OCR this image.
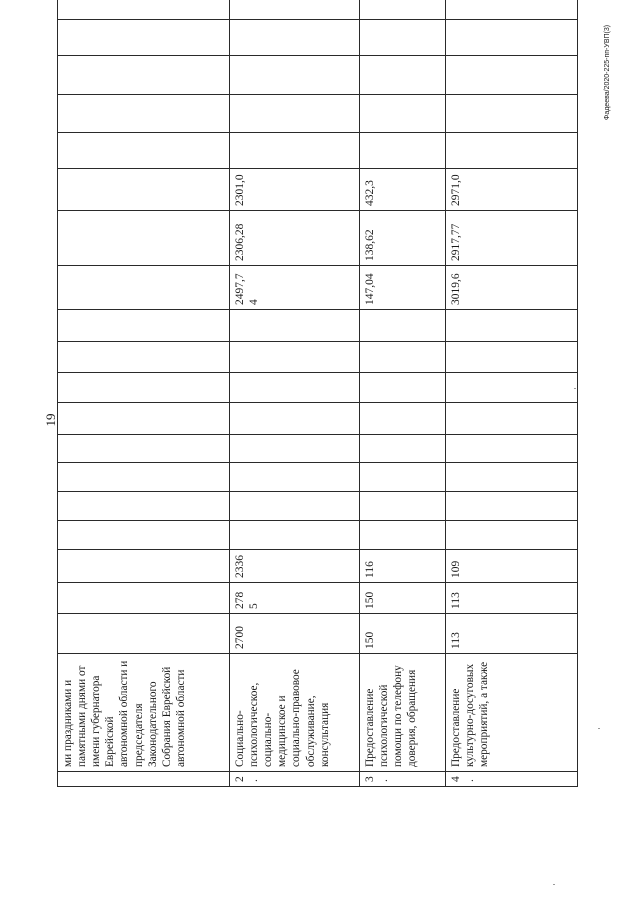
19
Фадеева/2020-225-пп-УВП(3)
	ми праздниками и памятными днями от имени губернатора Еврейской автономной области и председателя Законодательного Собрания Еврейской автономной области																			
2.	Социально-психологическое, социально-медицинское и социально-правовое обслуживание, консультация	2700	2785	2336									2497,74	2306,28	2301,0					
3.	Предоставление психологической помощи по телефону доверия, обращения	150	150	116									147,04	138,62	432,3					
4.	Предоставление культурно-досуговых мероприятий, а также	113	113	109									3019,6	2917,77	2971,0					
